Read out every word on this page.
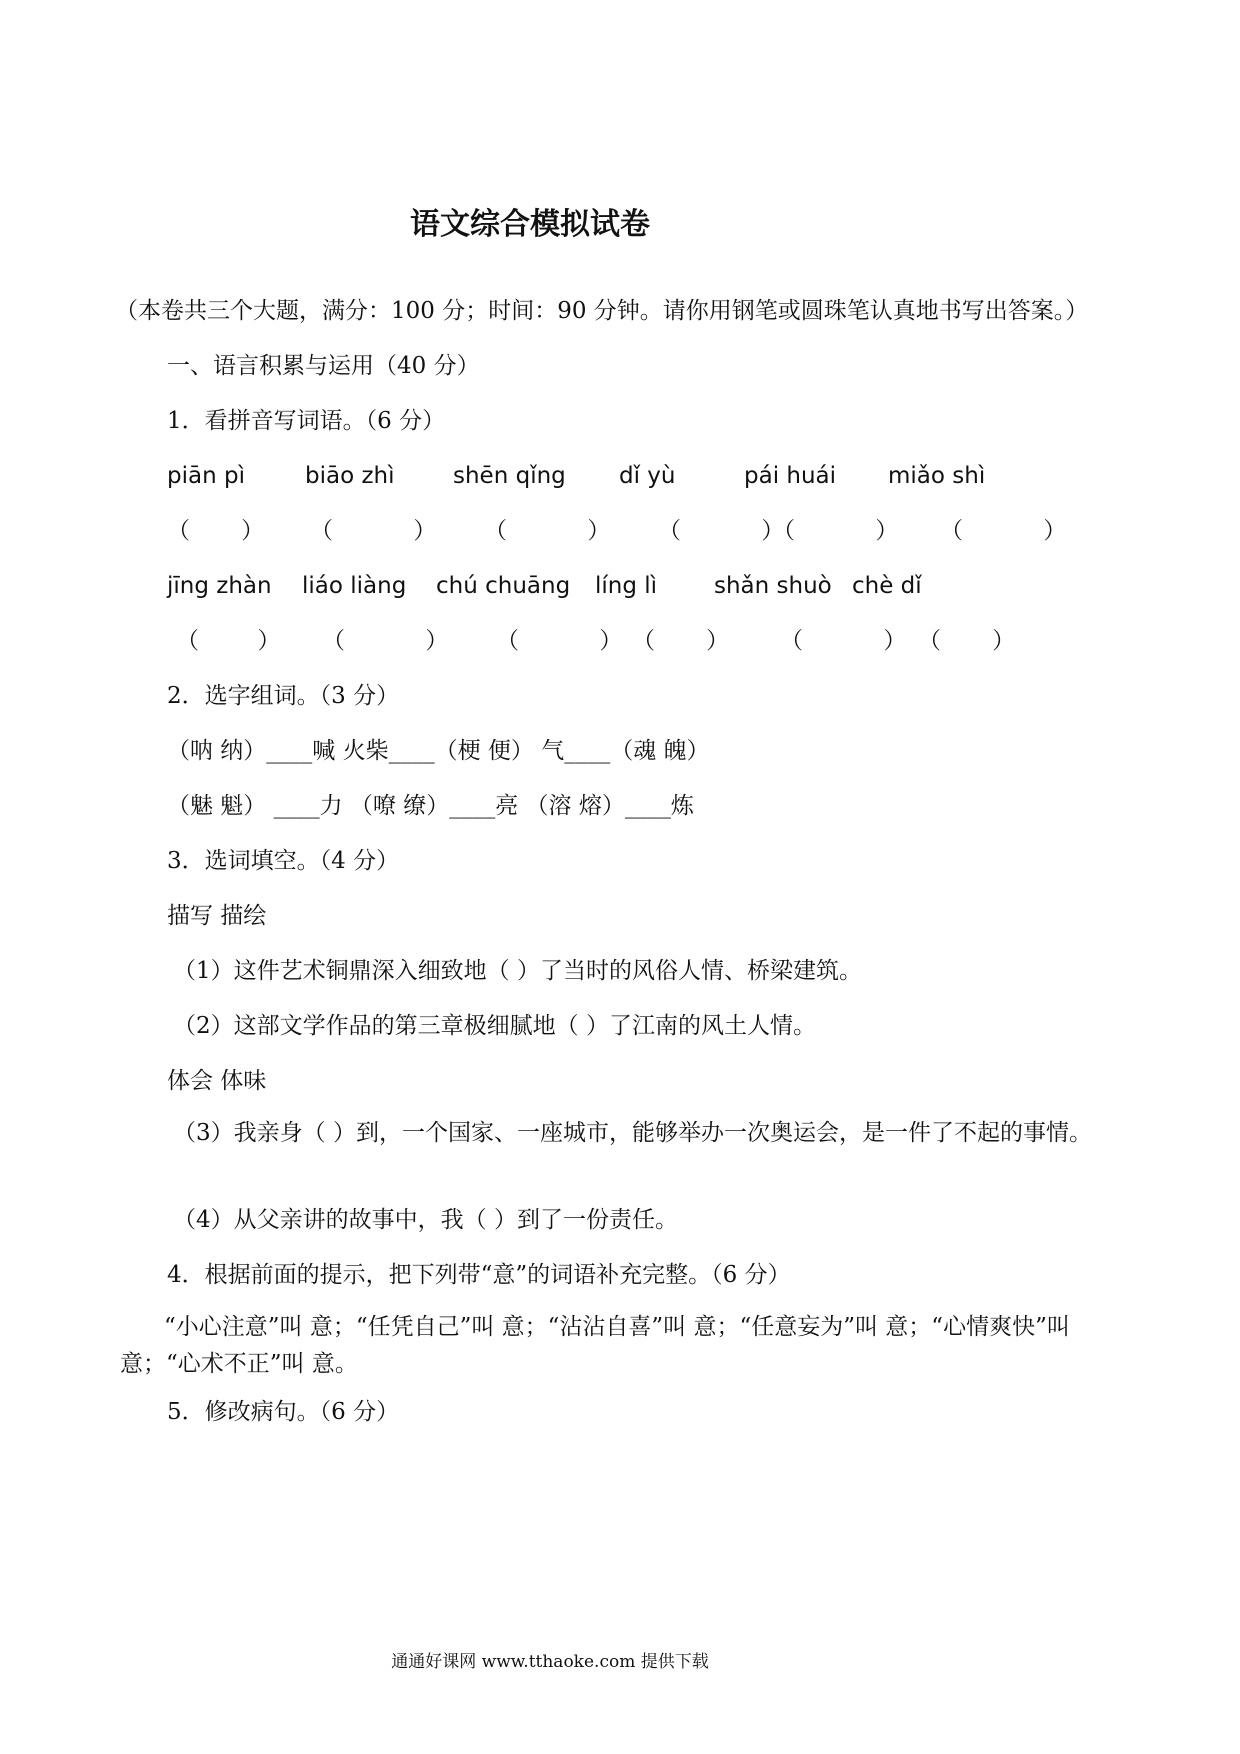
语文综合模拟试卷
（本卷共三个大题，满分：100 分；时间：90 分钟。请你用钢笔或圆珠笔认真地书写出答案。）
一、语言积累与运用（40 分）
1．看拼音写词语。（6 分）
piān pì	biāo zhì	shēn qǐng dǐ yù	pái huái miǎo shì
（       ） （           ） （           ） （           ）
（           ） （           ）
jīng zhàn liáo liàng chú chuāng líng lì shǎn shuò chè dǐ
（        ） （           ） （           ） （       ） （           ） （       ）
2．选字组词。（3 分）
（呐 纳）____喊 火柴____（梗 便） 气____（魂 魄）
（魅 魁） ____力 （嘹 缭）____亮 （溶 熔）____炼
3．选词填空。（4 分）
描写 描绘
（1）这件艺术铜鼎深入细致地（ ）了当时的风俗人情、桥梁建筑。
（2）这部文学作品的第三章极细腻地（ ）了江南的风土人情。
体会 体味
（3）我亲身（ ）到，一个国家、一座城市，能够举办一次奥运会，是一件了不起的事情。
（4）从父亲讲的故事中，我（ ）到了一份责任。
4．根据前面的提示，把下列带“意”的词语补充完整。（6 分）
“小心注意”叫 意；“任凭自己”叫 意；“沾沾自喜”叫 意；“任意妄为”叫 意；“心情爽快”叫 意；“心术不正”叫 意。
5．修改病句。（6 分）
通通好课网 www.tthaoke.com 提供下载
